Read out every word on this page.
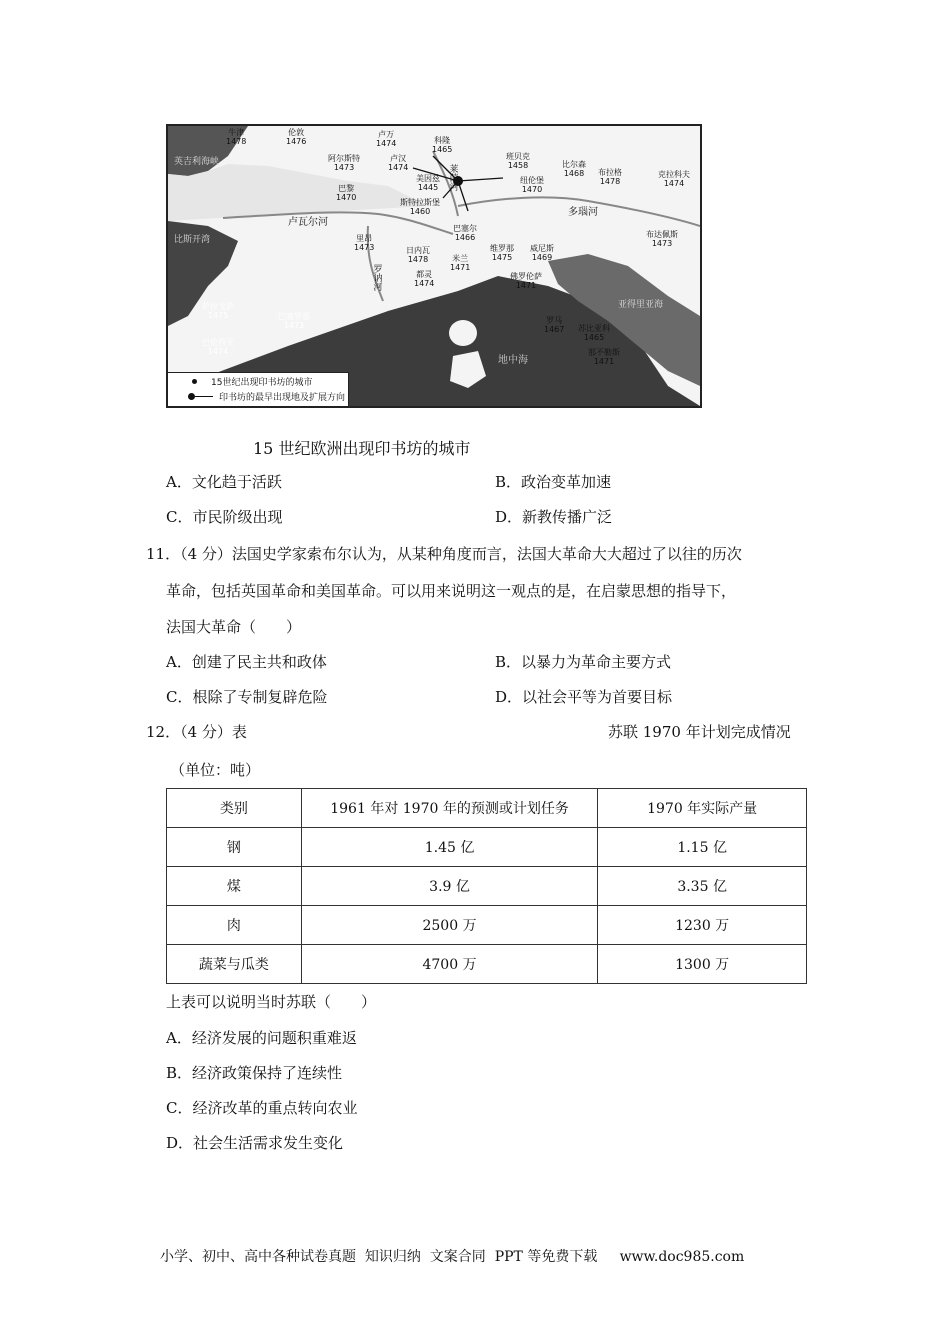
卢瓦尔河
罗讷河
莱茵河
多瑙河
比斯开湾
英吉利海峡
地中海
亚得里亚海
牛津
1478
伦敦
1476
卢万
1474
阿尔斯特
1473
卢汉
1474
科隆
1465
美因兹
1445
巴黎
1470
斯特拉斯堡
1460
巴塞尔
1466
班贝克
1458
纽伦堡
1470
比尔森
1468 布拉格
1478
克拉科夫
1474
布达佩斯
1473
里昂
1473	日内瓦
1478
都灵
1474
米兰
1471
维罗那
1475
威尼斯
1469
佛罗伦萨
1471
萨拉戈萨
1475	巴塞罗那
1473
巴伦西亚
1474
罗马
1467 苏比亚科
1465
那不勒斯
1471
15世纪出现印书坊的城市
印书坊的最早出现地及扩展方向
15 世纪欧洲出现印书坊的城市
A．文化趋于活跃	B．政治变革加速
C．市民阶级出现	D．新教传播广泛
11．（4 分）法国史学家索布尔认为，从某种角度而言，法国大革命大大超过了以往的历次
革命，包括英国革命和美国革命。可以用来说明这一观点的是，在启蒙思想的指导下，
法国大革命（　　）
A．创建了民主共和政体	B．以暴力为革命主要方式
C．根除了专制复辟危险	D．以社会平等为首要目标
12．（4 分）表	苏联 1970 年计划完成情况
（单位：吨）
类别	1961 年对 1970 年的预测或计划任务	1970 年实际产量
钢	1.45 亿	1.15 亿
煤	3.9 亿	3.35 亿
肉	2500 万	1230 万
蔬菜与瓜类	4700 万	1300 万
上表可以说明当时苏联（　　）
A．经济发展的问题积重难返
B．经济政策保持了连续性
C．经济改革的重点转向农业
D．社会生活需求发生变化
小学、初中、高中各种试卷真题  知识归纳  文案合同  PPT 等免费下载     www.doc985.com
